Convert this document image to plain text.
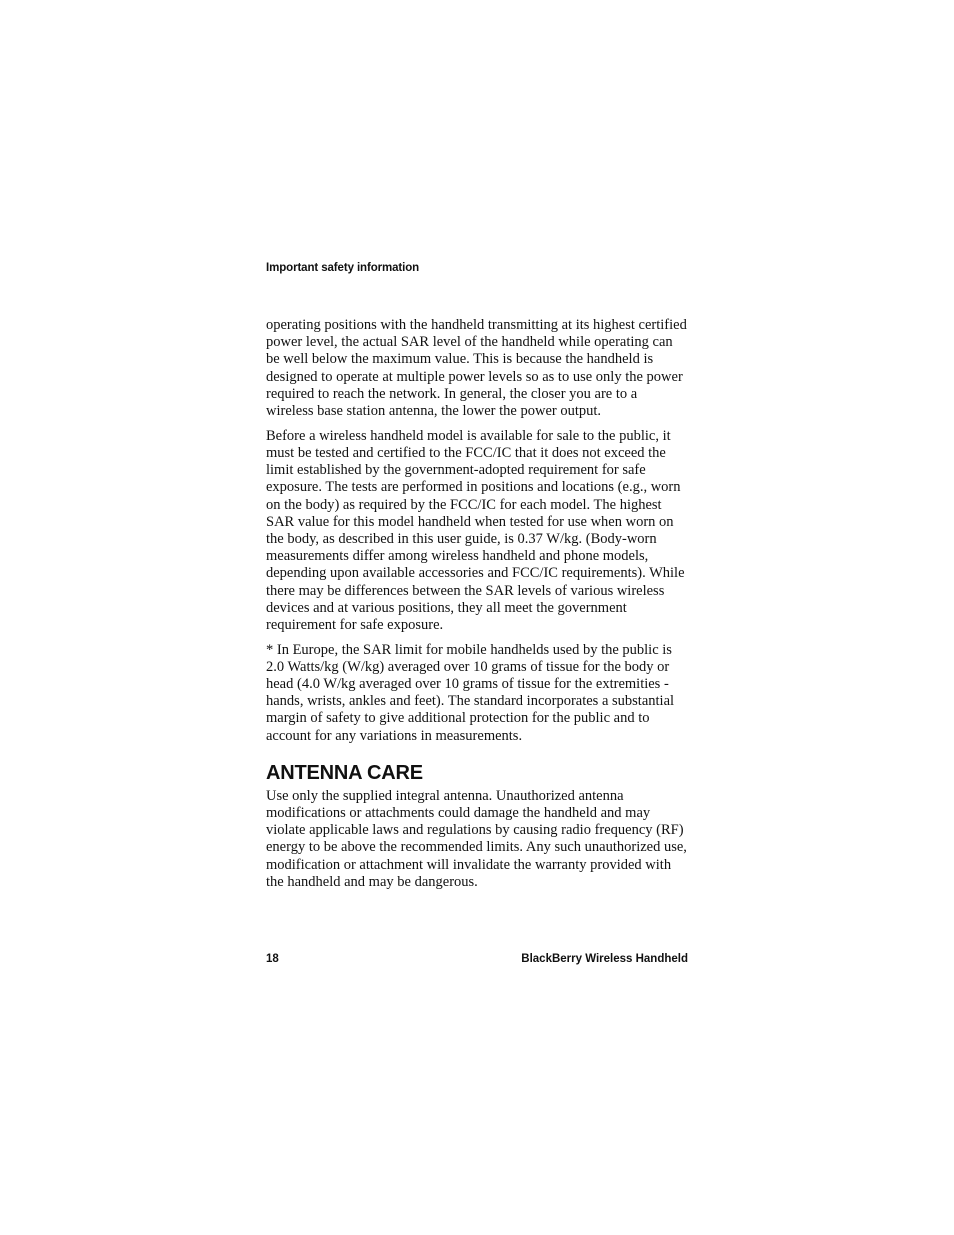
Important safety information

operating positions with the handheld transmitting at its highest certified power level, the actual SAR level of the handheld while operating can be well below the maximum value. This is because the handheld is designed to operate at multiple power levels so as to use only the power required to reach the network. In general, the closer you are to a wireless base station antenna, the lower the power output.

Before a wireless handheld model is available for sale to the public, it must be tested and certified to the FCC/IC that it does not exceed the limit established by the government-adopted requirement for safe exposure. The tests are performed in positions and locations (e.g., worn on the body) as required by the FCC/IC for each model. The highest SAR value for this model handheld when tested for use when worn on the body, as described in this user guide, is 0.37 W/kg. (Body-worn measurements differ among wireless handheld and phone models, depending upon available accessories and FCC/IC requirements). While there may be differences between the SAR levels of various wireless devices and at various positions, they all meet the government requirement for safe exposure.

* In Europe, the SAR limit for mobile handhelds used by the public is 2.0 Watts/kg (W/kg) averaged over 10 grams of tissue for the body or head (4.0 W/kg averaged over 10 grams of tissue for the extremities - hands, wrists, ankles and feet). The standard incorporates a substantial margin of safety to give additional protection for the public and to account for any variations in measurements.

ANTENNA CARE

Use only the supplied integral antenna. Unauthorized antenna modifications or attachments could damage the handheld and may violate applicable laws and regulations by causing radio frequency (RF) energy to be above the recommended limits. Any such unauthorized use, modification or attachment will invalidate the warranty provided with the handheld and may be dangerous.

18	BlackBerry Wireless Handheld
